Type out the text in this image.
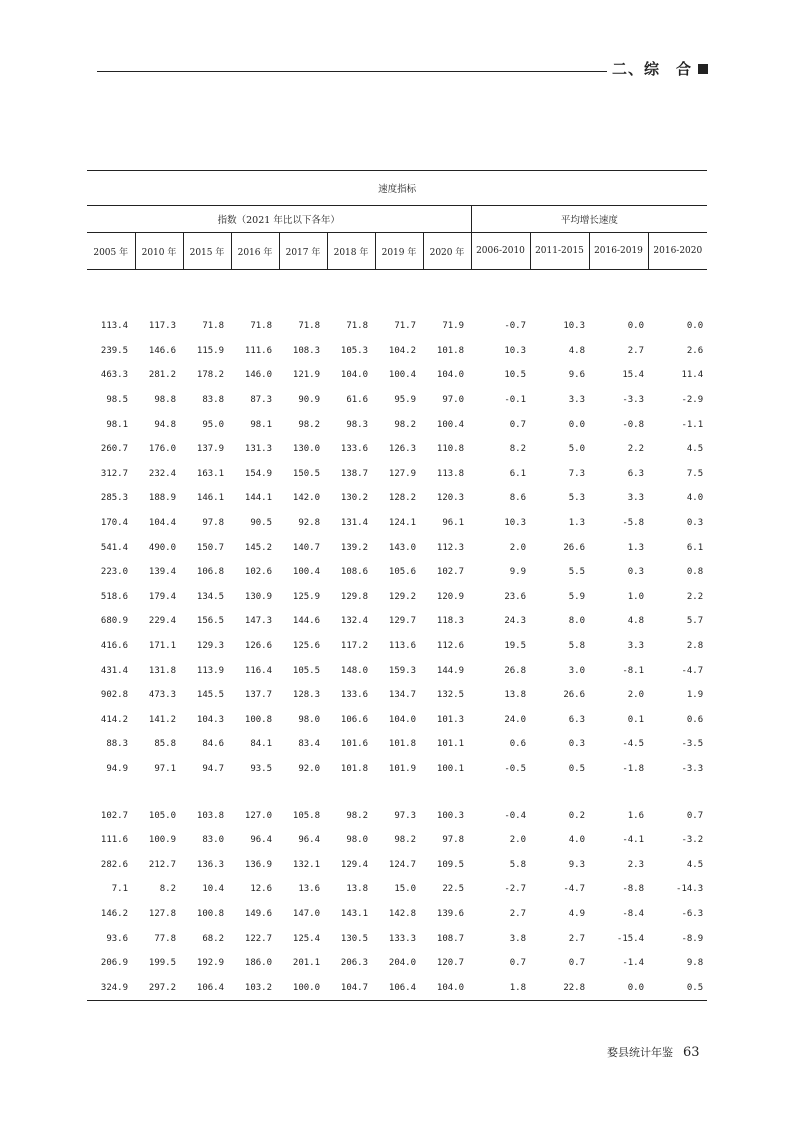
二、综　合
速度指标											
指数（2021 年比以下各年）								平均增长速度			
2005 年	2010 年	2015 年	2016 年	2017 年	2018 年	2019 年	2020 年	2006-2010	2011-2015	2016-2019	2016-2020

113.4	117.3	71.8	71.8	71.8	71.8	71.7	71.9	-0.7	10.3	0.0	0.0
239.5	146.6	115.9	111.6	108.3	105.3	104.2	101.8	10.3	4.8	2.7	2.6
463.3	281.2	178.2	146.0	121.9	104.0	100.4	104.0	10.5	9.6	15.4	11.4
98.5	98.8	83.8	87.3	90.9	61.6	95.9	97.0	-0.1	3.3	-3.3	-2.9
98.1	94.8	95.0	98.1	98.2	98.3	98.2	100.4	0.7	0.0	-0.8	-1.1
260.7	176.0	137.9	131.3	130.0	133.6	126.3	110.8	8.2	5.0	2.2	4.5
312.7	232.4	163.1	154.9	150.5	138.7	127.9	113.8	6.1	7.3	6.3	7.5
285.3	188.9	146.1	144.1	142.0	130.2	128.2	120.3	8.6	5.3	3.3	4.0
170.4	104.4	97.8	90.5	92.8	131.4	124.1	96.1	10.3	1.3	-5.8	0.3
541.4	490.0	150.7	145.2	140.7	139.2	143.0	112.3	2.0	26.6	1.3	6.1
223.0	139.4	106.8	102.6	100.4	108.6	105.6	102.7	9.9	5.5	0.3	0.8
518.6	179.4	134.5	130.9	125.9	129.8	129.2	120.9	23.6	5.9	1.0	2.2
680.9	229.4	156.5	147.3	144.6	132.4	129.7	118.3	24.3	8.0	4.8	5.7
416.6	171.1	129.3	126.6	125.6	117.2	113.6	112.6	19.5	5.8	3.3	2.8
431.4	131.8	113.9	116.4	105.5	148.0	159.3	144.9	26.8	3.0	-8.1	-4.7
902.8	473.3	145.5	137.7	128.3	133.6	134.7	132.5	13.8	26.6	2.0	1.9
414.2	141.2	104.3	100.8	98.0	106.6	104.0	101.3	24.0	6.3	0.1	0.6
88.3	85.8	84.6	84.1	83.4	101.6	101.8	101.1	0.6	0.3	-4.5	-3.5
94.9	97.1	94.7	93.5	92.0	101.8	101.9	100.1	-0.5	0.5	-1.8	-3.3

102.7	105.0	103.8	127.0	105.8	98.2	97.3	100.3	-0.4	0.2	1.6	0.7
111.6	100.9	83.0	96.4	96.4	98.0	98.2	97.8	2.0	4.0	-4.1	-3.2
282.6	212.7	136.3	136.9	132.1	129.4	124.7	109.5	5.8	9.3	2.3	4.5
7.1	8.2	10.4	12.6	13.6	13.8	15.0	22.5	-2.7	-4.7	-8.8	-14.3
146.2	127.8	100.8	149.6	147.0	143.1	142.8	139.6	2.7	4.9	-8.4	-6.3
93.6	77.8	68.2	122.7	125.4	130.5	133.3	108.7	3.8	2.7	-15.4	-8.9
206.9	199.5	192.9	186.0	201.1	206.3	204.0	120.7	0.7	0.7	-1.4	9.8
324.9	297.2	106.4	103.2	100.0	104.7	106.4	104.0	1.8	22.8	0.0	0.5
婺县统计年鉴 63
